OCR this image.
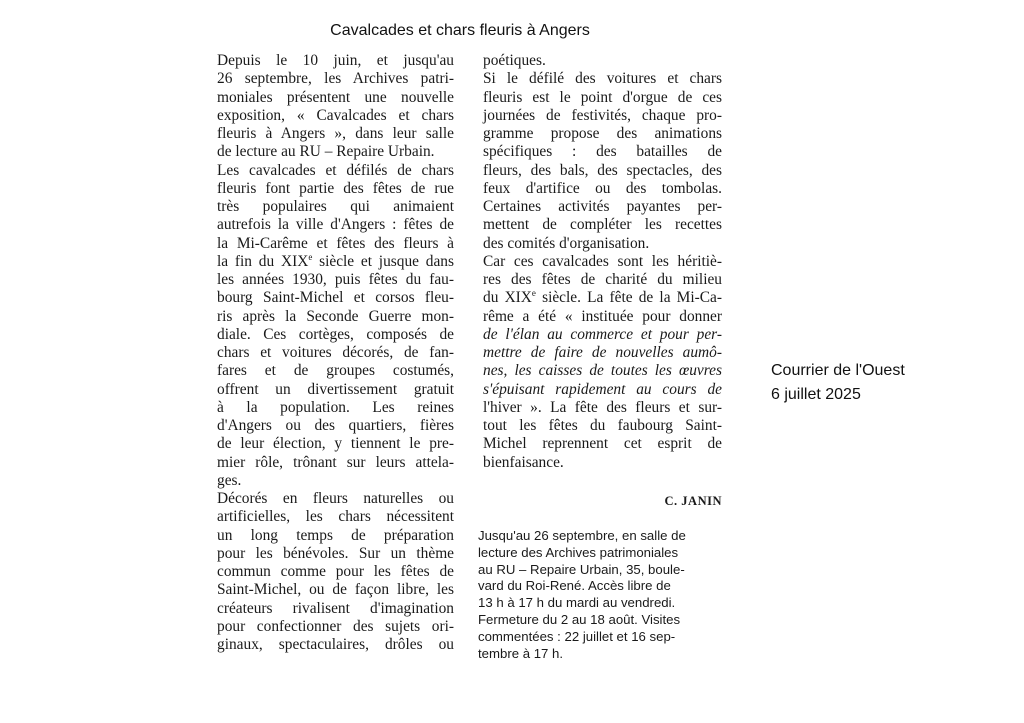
Cavalcades et chars fleuris à Angers
Depuis le 10 juin, et jusqu'au
26 septembre, les Archives patri-
moniales présentent une nouvelle
exposition, « Cavalcades et chars
fleuris à Angers », dans leur salle
de lecture au RU – Repaire Urbain.
Les cavalcades et défilés de chars
fleuris font partie des fêtes de rue
très populaires qui animaient
autrefois la ville d'Angers : fêtes de
la Mi-Carême et fêtes des fleurs à
la fin du XIXe siècle et jusque dans
les années 1930, puis fêtes du fau-
bourg Saint-Michel et corsos fleu-
ris après la Seconde Guerre mon-
diale. Ces cortèges, composés de
chars et voitures décorés, de fan-
fares et de groupes costumés,
offrent un divertissement gratuit
à la population. Les reines
d'Angers ou des quartiers, fières
de leur élection, y tiennent le pre-
mier rôle, trônant sur leurs attela-
ges.
Décorés en fleurs naturelles ou
artificielles, les chars nécessitent
un long temps de préparation
pour les bénévoles. Sur un thème
commun comme pour les fêtes de
Saint-Michel, ou de façon libre, les
créateurs rivalisent d'imagination
pour confectionner des sujets ori-
ginaux, spectaculaires, drôles ou
poétiques.
Si le défilé des voitures et chars
fleuris est le point d'orgue de ces
journées de festivités, chaque pro-
gramme propose des animations
spécifiques : des batailles de
fleurs, des bals, des spectacles, des
feux d'artifice ou des tombolas.
Certaines activités payantes per-
mettent de compléter les recettes
des comités d'organisation.
Car ces cavalcades sont les héritiè-
res des fêtes de charité du milieu
du XIXe siècle. La fête de la Mi-Ca-
rême a été « instituée pour donner
de l'élan au commerce et pour per-
mettre de faire de nouvelles aumô-
nes, les caisses de toutes les œuvres
s'épuisant rapidement au cours de
l'hiver ». La fête des fleurs et sur-
tout les fêtes du faubourg Saint-
Michel reprennent cet esprit de
bienfaisance.
C. JANIN
Jusqu'au 26 septembre, en salle de
lecture des Archives patrimoniales
au RU – Repaire Urbain, 35, boule-
vard du Roi-René. Accès libre de
13 h à 17 h du mardi au vendredi.
Fermeture du 2 au 18 août. Visites
commentées : 22 juillet et 16 sep-
tembre à 17 h.
Courrier de l'Ouest
6 juillet 2025
